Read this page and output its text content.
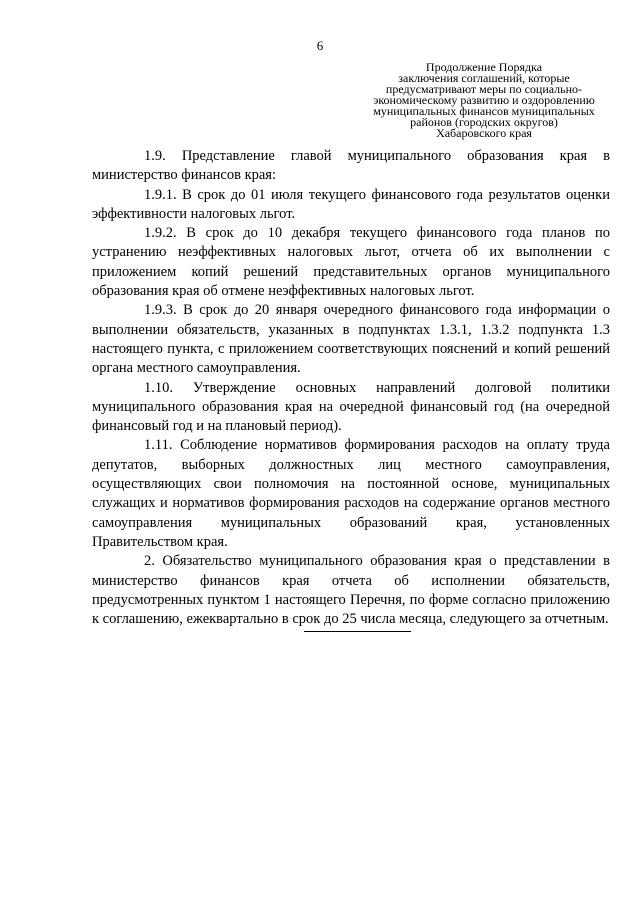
6
Продолжение Порядка
заключения соглашений, которые
предусматривают меры по социально-
экономическому развитию и оздоровлению
муниципальных финансов муниципальных
районов (городских округов)
Хабаровского края

1.9. Представление главой муниципального образования края в министерство финансов края:

1.9.1. В срок до 01 июля текущего финансового года результатов оценки эффективности налоговых льгот.

1.9.2. В срок до 10 декабря текущего финансового года планов по устранению неэффективных налоговых льгот, отчета об их выполнении с приложением копий решений представительных органов муниципального образования края об отмене неэффективных налоговых льгот.

1.9.3. В срок до 20 января очередного финансового года информации о выполнении обязательств, указанных в подпунктах 1.3.1, 1.3.2 подпункта 1.3 настоящего пункта, с приложением соответствующих пояснений и копий решений органа местного самоуправления.

1.10. Утверждение основных направлений долговой политики муниципального образования края на очередной финансовый год (на очередной финансовый год и на плановый период).

1.11. Соблюдение нормативов формирования расходов на оплату труда депутатов, выборных должностных лиц местного самоуправления, осуществляющих свои полномочия на постоянной основе, муниципальных служащих и нормативов формирования расходов на содержание органов местного самоуправления муниципальных образований края, установленных Правительством края.

2. Обязательство муниципального образования края о представлении в министерство финансов края отчета об исполнении обязательств, предусмотренных пунктом 1 настоящего Перечня, по форме согласно приложению к соглашению, ежеквартально в срок до 25 числа месяца, следующего за отчетным.
